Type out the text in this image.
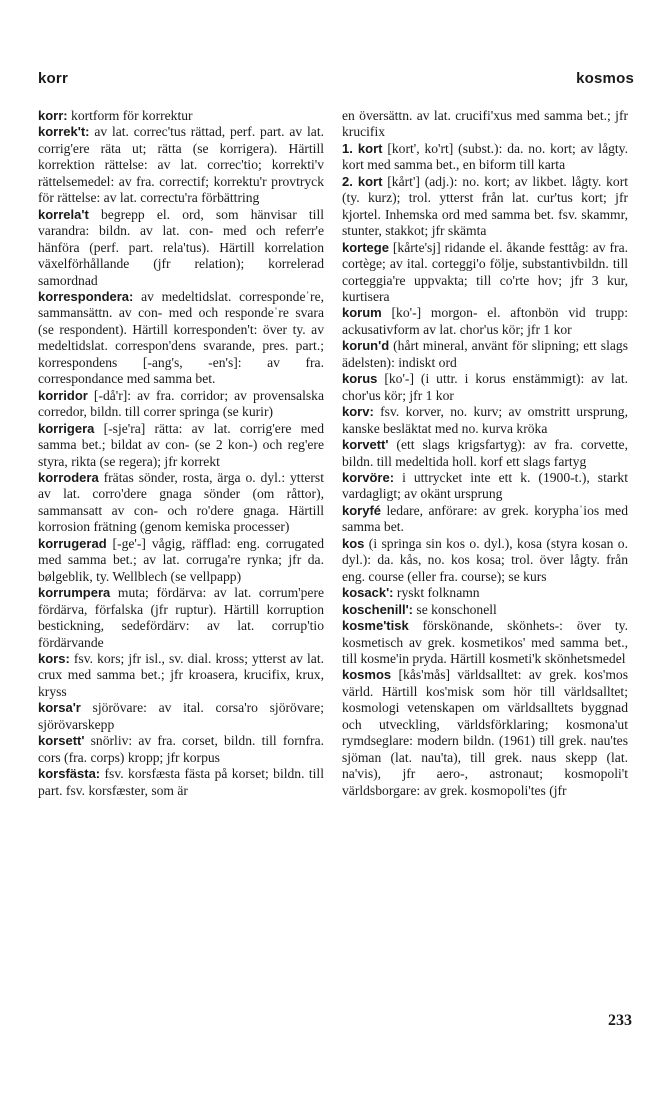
korr	kosmos

korr: kortform för korrektur

korrek't: av lat. correc'tus rättad, perf. part. av lat. corrig'ere räta ut; rätta (se korrigera). Härtill korrektion rättelse: av lat. correc'tio; korrekti'v rättelsemedel: av fra. correctif; korrektu'r provtryck för rättelse: av lat. correctu'ra förbättring

korrela't begrepp el. ord, som hänvisar till varandra: bildn. av lat. con- med och referr'e hänföra (perf. part. rela'tus). Härtill korrelation växelförhållande (jfr relation); korrelerad samordnad

korrespondera: av medeltidslat. correspondeˈre, sammansättn. av con- med och respondeˈre svara (se respondent). Härtill korresponden't: över ty. av medeltidslat. correspon'dens svarande, pres. part.; korrespondens [-ang's, -en's]: av fra. correspondance med samma bet.

korridor [-då'r]: av fra. corridor; av provensalska corredor, bildn. till correr springa (se kurir)

korrigera [-sje'ra] rätta: av lat. corrig'ere med samma bet.; bildat av con- (se 2 kon-) och reg'ere styra, rikta (se regera); jfr korrekt

korrodera frätas sönder, rosta, ärga o. dyl.: ytterst av lat. corro'dere gnaga sönder (om råttor), sammansatt av con- och ro'dere gnaga. Härtill korrosion frätning (genom kemiska processer)

korrugerad [-ge'-] vågig, räfflad: eng. corrugated med samma bet.; av lat. corruga're rynka; jfr da. bølgeblik, ty. Wellblech (se vellpapp)

korrumpera muta; fördärva: av lat. corrum'pere fördärva, förfalska (jfr ruptur). Härtill korruption bestickning, sedefördärv: av lat. corrup'tio fördärvande

kors: fsv. kors; jfr isl., sv. dial. kross; ytterst av lat. crux med samma bet.; jfr kroasera, krucifix, krux, kryss

korsa'r sjörövare: av ital. corsa'ro sjörövare; sjörövarskepp

korsett' snörliv: av fra. corset, bildn. till fornfra. cors (fra. corps) kropp; jfr korpus

korsfästa: fsv. korsfæsta fästa på korset; bildn. till part. fsv. korsfæster, som är

en översättn. av lat. crucifi'xus med samma bet.; jfr krucifix

1. kort [kort', ko'rt] (subst.): da. no. kort; av lågty. kort med samma bet., en biform till karta

2. kort [kårt'] (adj.): no. kort; av likbet. lågty. kort (ty. kurz); trol. ytterst från lat. cur'tus kort; jfr kjortel. Inhemska ord med samma bet. fsv. skammr, stunter, stakkot; jfr skämta

kortege [kårte'sj] ridande el. åkande festtåg: av fra. cortège; av ital. corteggi'o följe, substantivbildn. till corteggia're uppvakta; till co'rte hov; jfr 3 kur, kurtisera

korum [ko'-] morgon- el. aftonbön vid trupp: ackusativform av lat. chor'us kör; jfr 1 kor

korun'd (hårt mineral, använt för slipning; ett slags ädelsten): indiskt ord

korus [ko'-] (i uttr. i korus enstämmigt): av lat. chor'us kör; jfr 1 kor

korv: fsv. korver, no. kurv; av omstritt ursprung, kanske besläktat med no. kurva kröka

korvett' (ett slags krigsfartyg): av fra. corvette, bildn. till medeltida holl. korf ett slags fartyg

korvöre: i uttrycket inte ett k. (1900-t.), starkt vardagligt; av okänt ursprung

koryfé ledare, anförare: av grek. koryphaˈios med samma bet.

kos (i springa sin kos o. dyl.), kosa (styra kosan o. dyl.): da. kås, no. kos kosa; trol. över lågty. från eng. course (eller fra. course); se kurs

kosack': ryskt folknamn

koschenill': se konschonell

kosme'tisk förskönande, skönhets-: över ty. kosmetisch av grek. kosmetikos' med samma bet., till kosme'in pryda. Härtill kosmeti'k skönhetsmedel

kosmos [kås'mås] världsalltet: av grek. kos'mos värld. Härtill kos'misk som hör till världsalltet; kosmologi vetenskapen om världsalltets byggnad och utveckling, världsförklaring; kosmona'ut rymdseglare: modern bildn. (1961) till grek. nau'tes sjöman (lat. nau'ta), till grek. naus skepp (lat. na'vis), jfr aero-, astronaut; kosmopoli't världsborgare: av grek. kosmopoli'tes (jfr

233
